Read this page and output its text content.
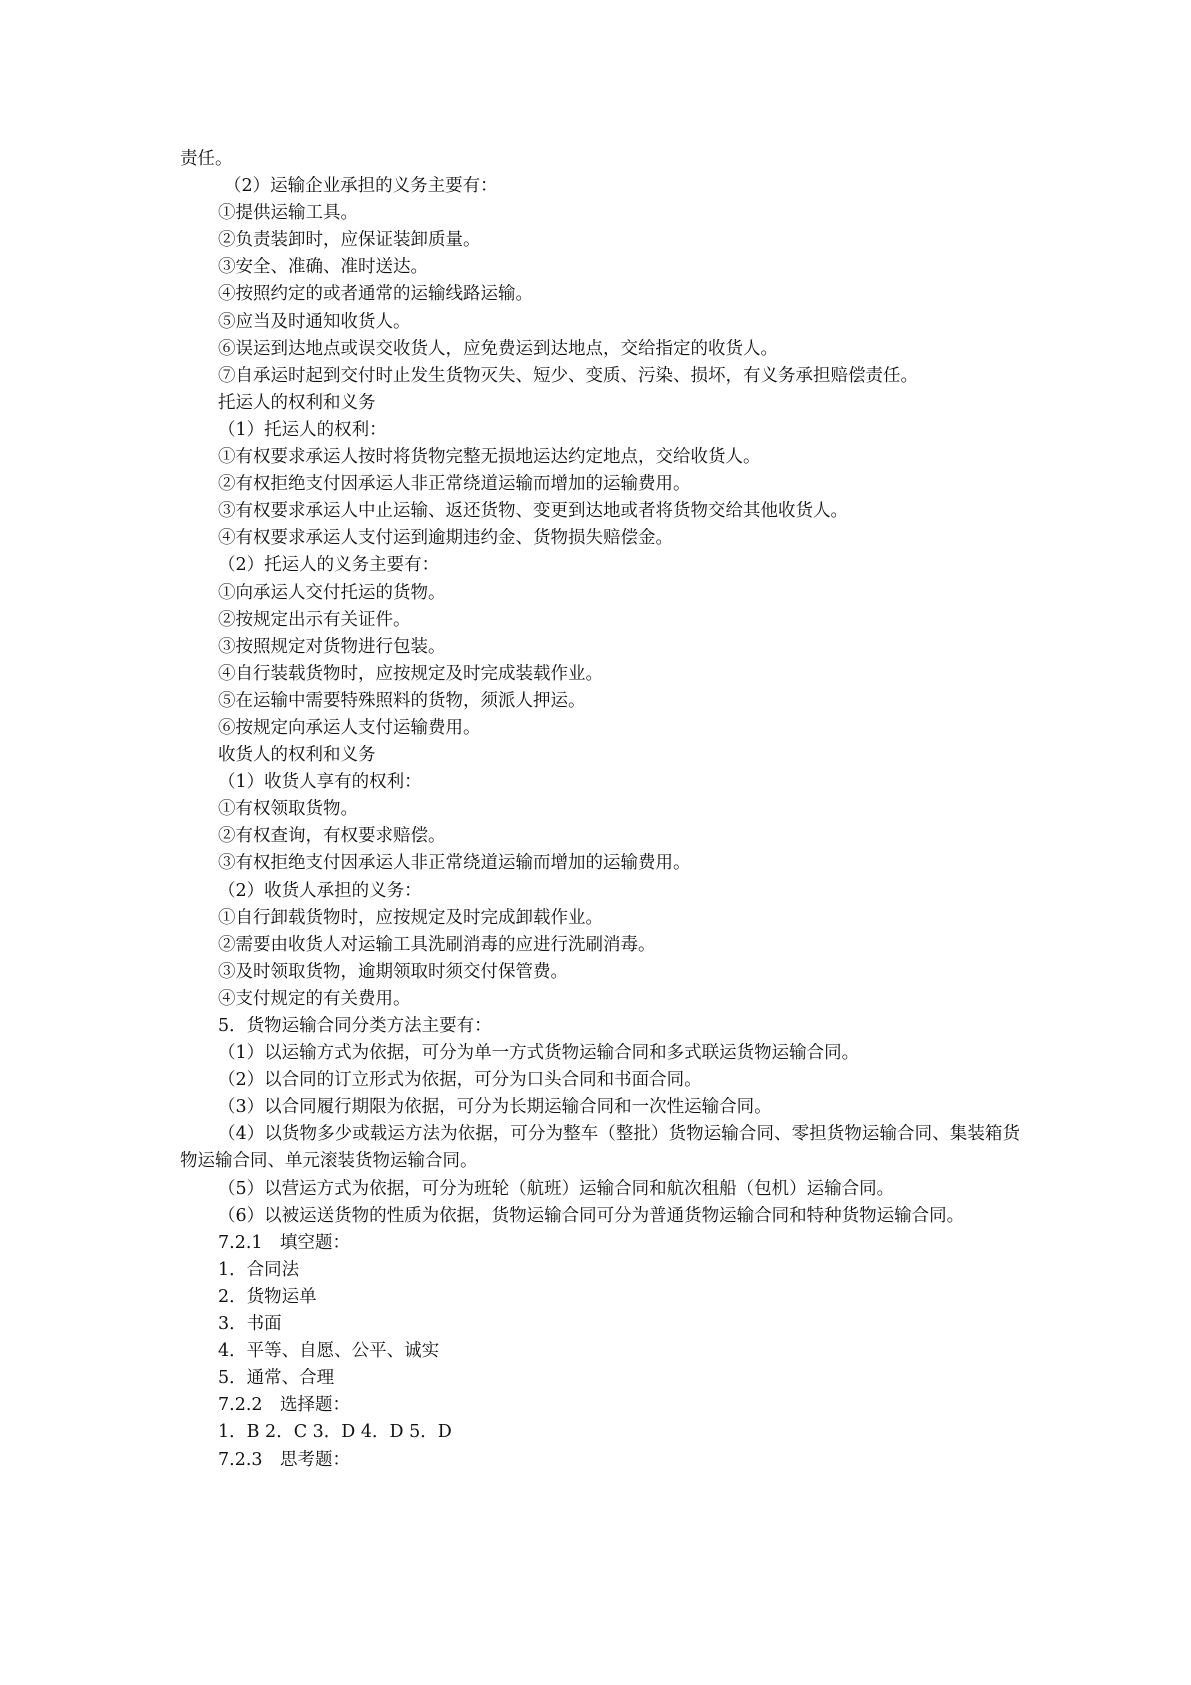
责任。
（2）运输企业承担的义务主要有：
①提供运输工具。
②负责装卸时，应保证装卸质量。
③安全、准确、准时送达。
④按照约定的或者通常的运输线路运输。
⑤应当及时通知收货人。
⑥误运到达地点或误交收货人，应免费运到达地点，交给指定的收货人。
⑦自承运时起到交付时止发生货物灭失、短少、变质、污染、损坏，有义务承担赔偿责任。
托运人的权利和义务
（1）托运人的权利：
①有权要求承运人按时将货物完整无损地运达约定地点，交给收货人。
②有权拒绝支付因承运人非正常绕道运输而增加的运输费用。
③有权要求承运人中止运输、返还货物、变更到达地或者将货物交给其他收货人。
④有权要求承运人支付运到逾期违约金、货物损失赔偿金。
（2）托运人的义务主要有：
①向承运人交付托运的货物。
②按规定出示有关证件。
③按照规定对货物进行包装。
④自行装载货物时，应按规定及时完成装载作业。
⑤在运输中需要特殊照料的货物，须派人押运。
⑥按规定向承运人支付运输费用。
收货人的权利和义务
（1）收货人享有的权利：
①有权领取货物。
②有权查询，有权要求赔偿。
③有权拒绝支付因承运人非正常绕道运输而增加的运输费用。
（2）收货人承担的义务：
①自行卸载货物时，应按规定及时完成卸载作业。
②需要由收货人对运输工具洗刷消毒的应进行洗刷消毒。
③及时领取货物，逾期领取时须交付保管费。
④支付规定的有关费用。
5．货物运输合同分类方法主要有：
（1）以运输方式为依据，可分为单一方式货物运输合同和多式联运货物运输合同。
（2）以合同的订立形式为依据，可分为口头合同和书面合同。
（3）以合同履行期限为依据，可分为长期运输合同和一次性运输合同。
（4）以货物多少或载运方法为依据，可分为整车（整批）货物运输合同、零担货物运输合同、集装箱货物运输合同、单元滚装货物运输合同。
（5）以营运方式为依据，可分为班轮（航班）运输合同和航次租船（包机）运输合同。
（6）以被运送货物的性质为依据，货物运输合同可分为普通货物运输合同和特种货物运输合同。
7.2.1　填空题：
1．合同法
2．货物运单
3．书面
4．平等、自愿、公平、诚实
5．通常、合理
7.2.2　选择题：
1．B 2．C 3．D 4．D 5．D
7.2.3　思考题：
